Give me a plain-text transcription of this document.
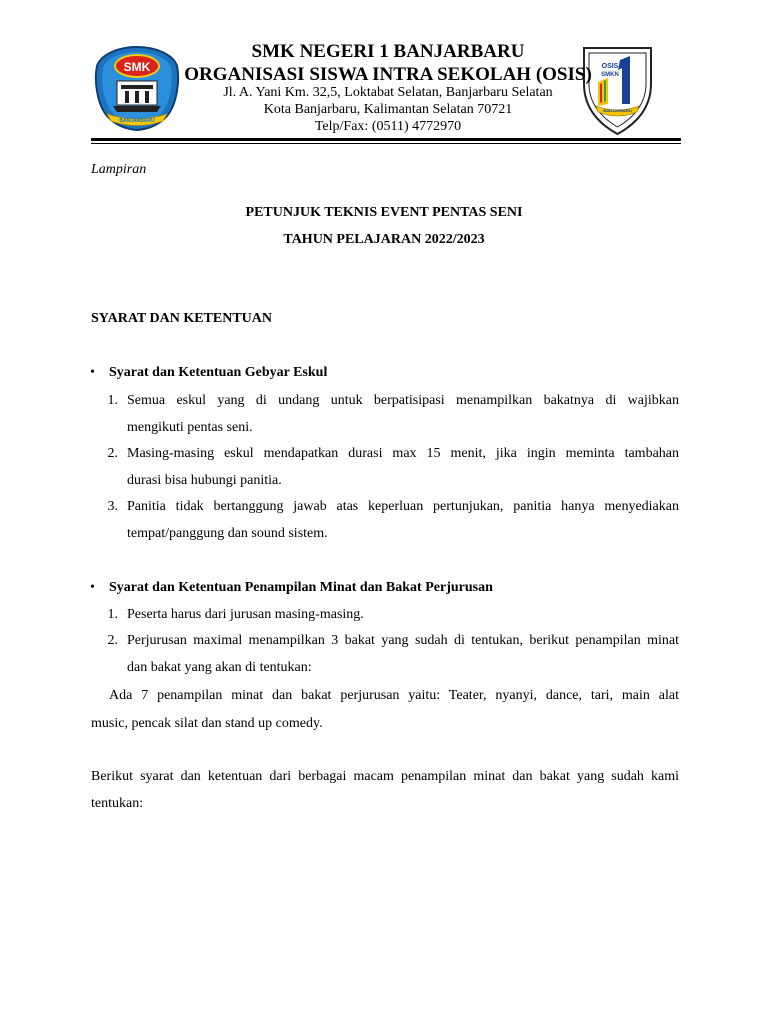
SMK
BANJARBARU
OSIS
SMKN
BANJARBARU
SMK NEGERI 1 BANJARBARU
ORGANISASI SISWA INTRA SEKOLAH (OSIS)
Jl. A. Yani Km. 32,5, Loktabat Selatan, Banjarbaru Selatan
Kota Banjarbaru, Kalimantan Selatan 70721
Telp/Fax: (0511) 4772970
Lampiran
PETUNJUK TEKNIS EVENT PENTAS SENI
TAHUN PELAJARAN 2022/2023
SYARAT DAN KETENTUAN
• Syarat dan Ketentuan Gebyar Eskul
1. Semua eskul yang di undang untuk berpatisipasi menampilkan bakatnya di wajibkan
mengikuti pentas seni.
2. Masing-masing eskul mendapatkan durasi max 15 menit, jika ingin meminta tambahan
durasi bisa hubungi panitia.
3. Panitia tidak bertanggung jawab atas keperluan pertunjukan, panitia hanya menyediakan
tempat/panggung dan sound sistem.
• Syarat dan Ketentuan Penampilan Minat dan Bakat Perjurusan
1. Peserta harus dari jurusan masing-masing.
2. Perjurusan maximal menampilkan 3 bakat yang sudah di tentukan, berikut penampilan minat
dan bakat yang akan di tentukan:
Ada 7 penampilan minat dan bakat perjurusan yaitu: Teater, nyanyi, dance, tari, main alat
music, pencak silat dan stand up comedy.
Berikut syarat dan ketentuan dari berbagai macam penampilan minat dan bakat yang sudah kami
tentukan:
